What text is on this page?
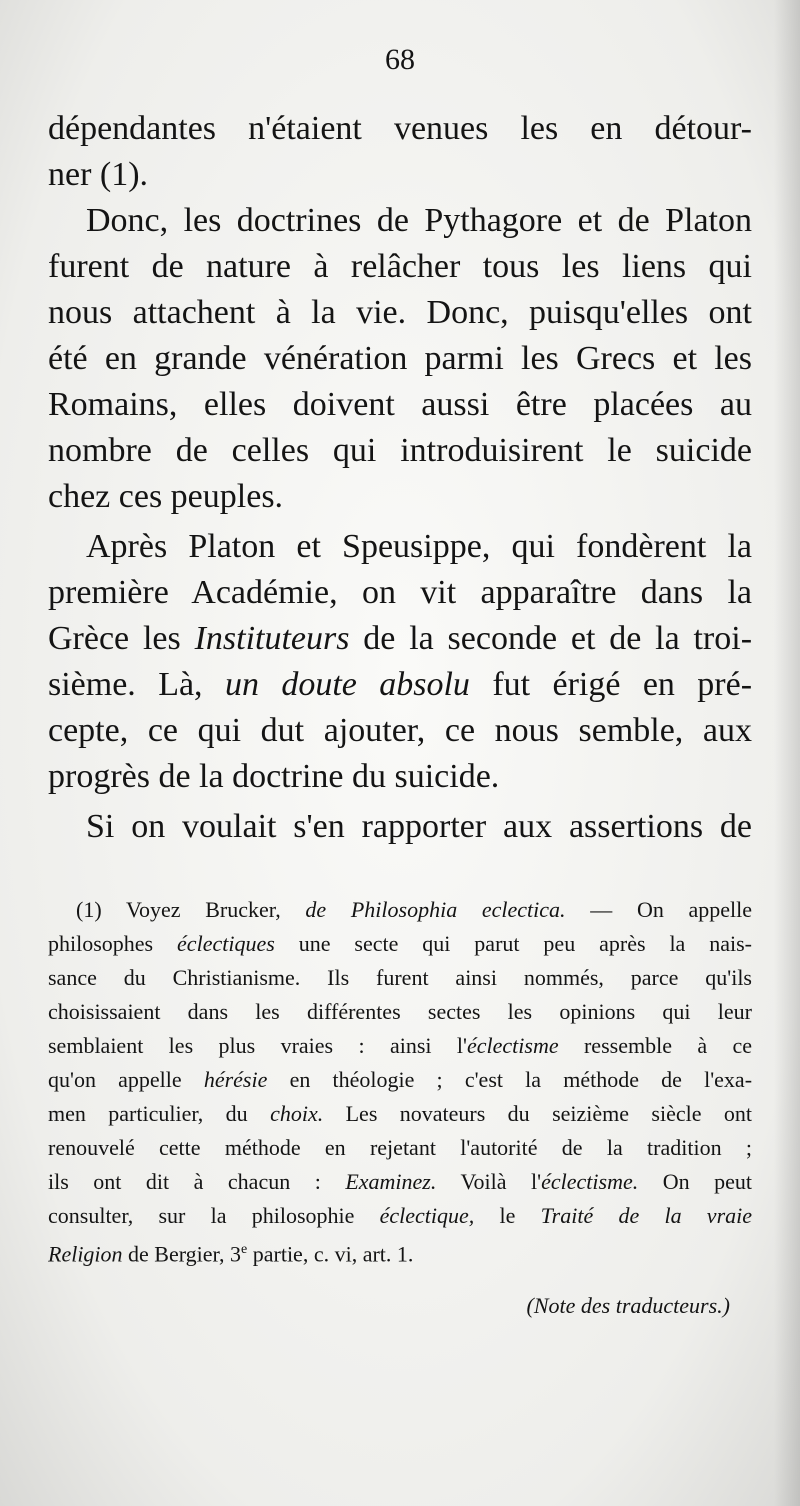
68
dépendantes n'étaient venues les en détour-
ner (1).
Donc, les doctrines de Pythagore et de Platon
furent de nature à relâcher tous les liens qui
nous attachent à la vie. Donc, puisqu'elles ont
été en grande vénération parmi les Grecs et les
Romains, elles doivent aussi être placées au
nombre de celles qui introduisirent le suicide
chez ces peuples.
Après Platon et Speusippe, qui fondèrent la
première Académie, on vit apparaître dans la
Grèce les Instituteurs de la seconde et de la troi-
sième. Là, un doute absolu fut érigé en pré-
cepte, ce qui dut ajouter, ce nous semble, aux
progrès de la doctrine du suicide.
Si on voulait s'en rapporter aux assertions de
(1) Voyez Brucker, de Philosophia eclectica. — On appelle
philosophes éclectiques une secte qui parut peu après la nais-
sance du Christianisme. Ils furent ainsi nommés, parce qu'ils
choisissaient dans les différentes sectes les opinions qui leur
semblaient les plus vraies : ainsi l'éclectisme ressemble à ce
qu'on appelle hérésie en théologie ; c'est la méthode de l'exa-
men particulier, du choix. Les novateurs du seizième siècle ont
renouvelé cette méthode en rejetant l'autorité de la tradition ;
ils ont dit à chacun : Examinez. Voilà l'éclectisme. On peut
consulter, sur la philosophie éclectique, le Traité de la vraie
Religion de Bergier, 3e partie, c. vi, art. 1.
(Note des traducteurs.)
